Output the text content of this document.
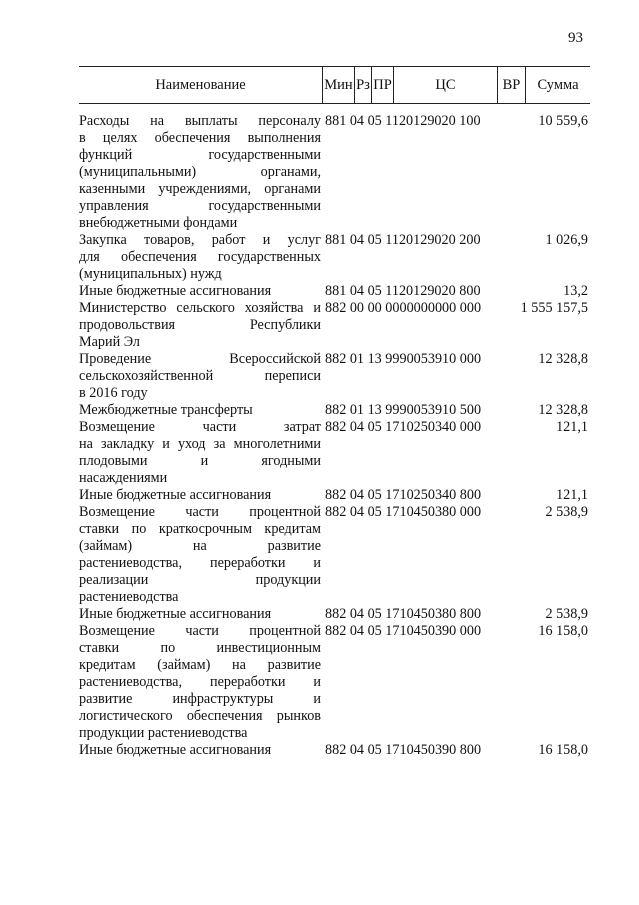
93
Наименование	Мин Рз ПР	ЦС	ВР	Сумма
Расходы на выплаты персоналу
в целях обеспечения выполнения
функций государственными
(муниципальными) органами,
казенными учреждениями, органами
управления государственными
внебюджетными фондами
881 04 05 1120129020 100	10 559,6
Закупка товаров, работ и услуг
для обеспечения государственных
(муниципальных) нужд
881 04 05 1120129020 200	1 026,9
Иные бюджетные ассигнования	881 04 05 1120129020 800	13,2
Министерство сельского хозяйства и
продовольствия Республики
Марий Эл
882 00 00 0000000000 000	1 555 157,5
Проведение Всероссийской
сельскохозяйственной переписи
в 2016 году
882 01 13 9990053910 000	12 328,8
Межбюджетные трансферты	882 01 13 9990053910 500	12 328,8
Возмещение части затрат
на закладку и уход за многолетними
плодовыми и ягодными
насаждениями
882 04 05 1710250340 000	121,1
Иные бюджетные ассигнования	882 04 05 1710250340 800	121,1
Возмещение части процентной
ставки по краткосрочным кредитам
(займам) на развитие
растениеводства, переработки и
реализации продукции
растениеводства
882 04 05 1710450380 000	2 538,9
Иные бюджетные ассигнования	882 04 05 1710450380 800	2 538,9
Возмещение части процентной
ставки по инвестиционным
кредитам (займам) на развитие
растениеводства, переработки и
развитие инфраструктуры и
логистического обеспечения рынков
продукции растениеводства
882 04 05 1710450390 000	16 158,0
Иные бюджетные ассигнования	882 04 05 1710450390 800	16 158,0
